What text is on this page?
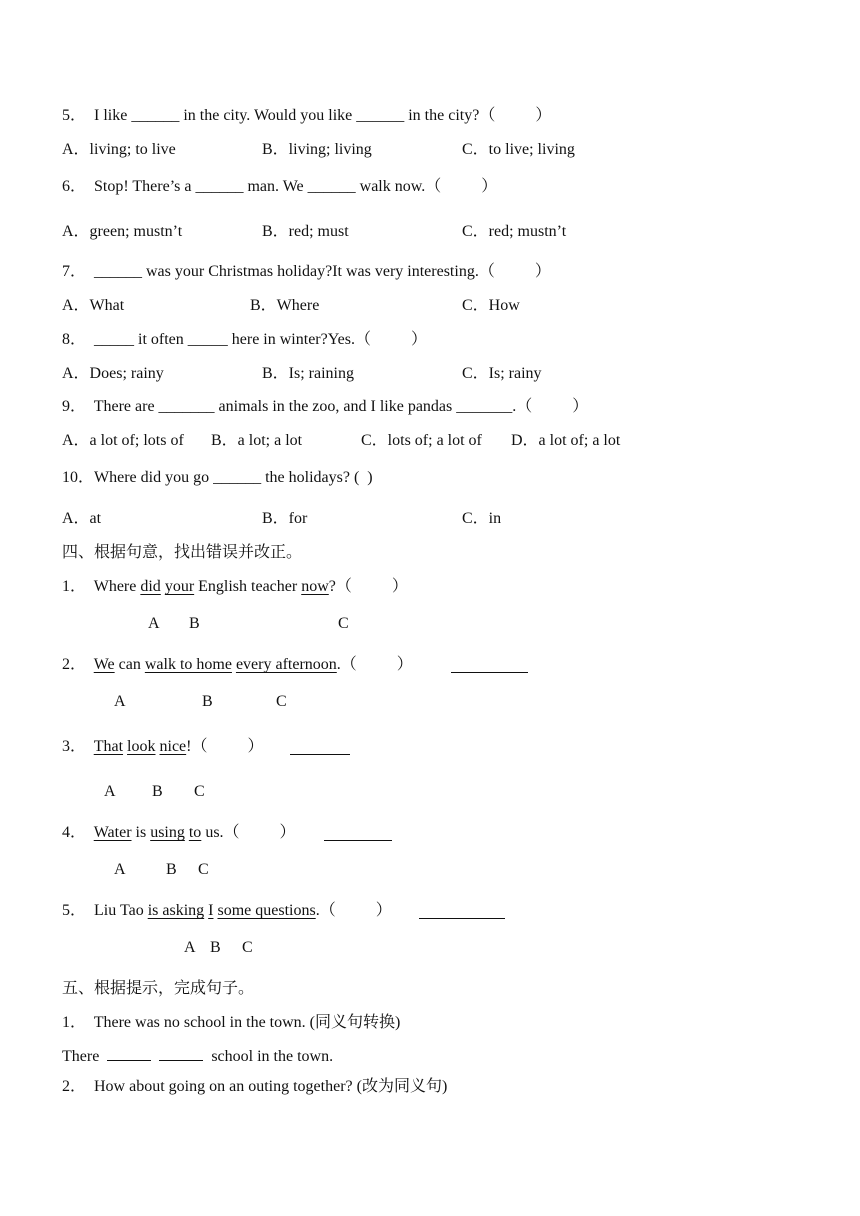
5．  I like ______ in the city. Would you like ______ in the city?（          ）
A．living; to live	B．living; living	C．to live; living
6．  Stop! There’s a ______ man. We ______ walk now.（          ）
A．green; mustn’t	B．red; must	C．red; mustn’t
7．  ______ was your Christmas holiday?It was very interesting.（          ）
A．What	B．Where	C．How
8．  _____ it often _____ here in winter?Yes.（          ）
A．Does; rainy	B．Is; raining	C．Is; rainy
9．  There are _______ animals in the zoo, and I like pandas _______.（          ）
A．a lot of; lots of B．a lot; a lot	C．lots of; a lot of D．a lot of; a lot
10．Where did you go ______ the holidays? (  )
A．at	B．for	C．in
四、根据句意，找出错误并改正。
1．  Where did your English teacher now?（          ）
A B	C
2．  We can walk to home every afternoon.（          ）
A	B	C
3．  That look nice!（          ）
A B C
4．  Water is using to us.（          ）
A	B C
5．  Liu Tao is asking I some questions.（          ）
A B C
五、根据提示，完成句子。
1．  There was no school in the town. (同义句转换)
There	school in the town.
2．  How about going on an outing together? (改为同义句)
